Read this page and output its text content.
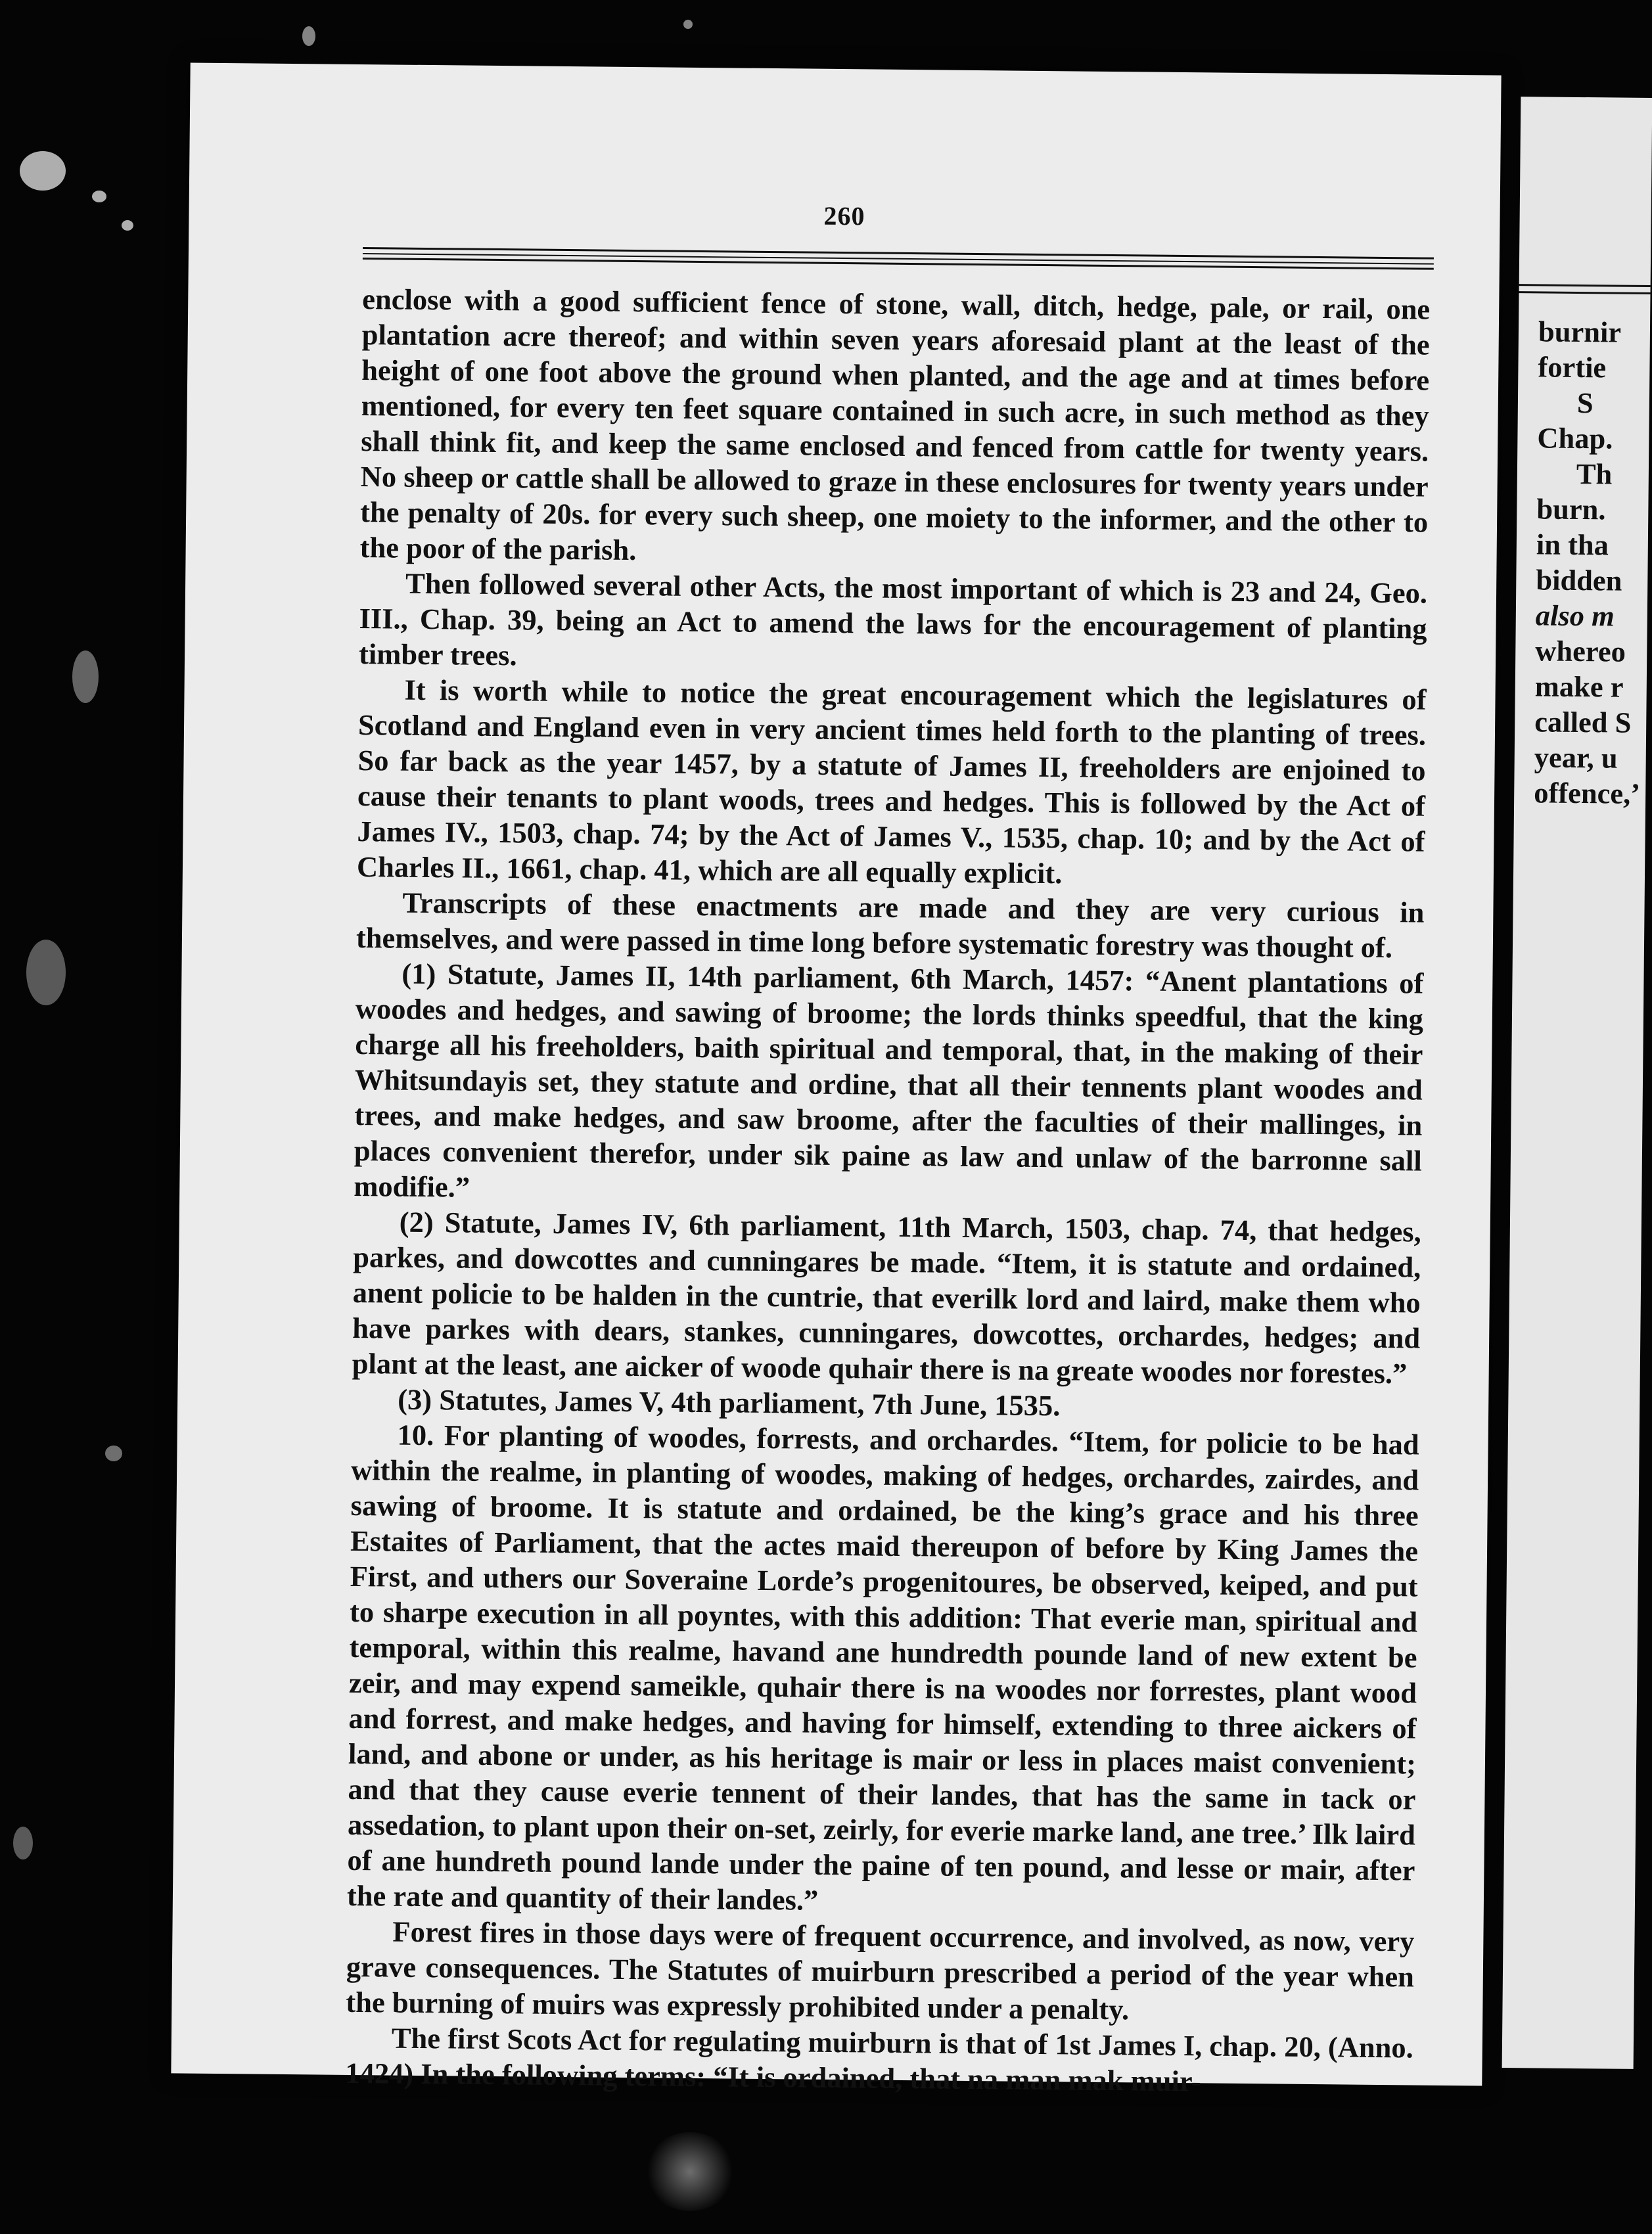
260

enclose with a good sufficient fence of stone, wall, ditch, hedge, pale, or rail, one plantation acre thereof; and within seven years aforesaid plant at the least of the height of one foot above the ground when planted, and the age and at times before mentioned, for every ten feet square contained in such acre, in such method as they shall think fit, and keep the same enclosed and fenced from cattle for twenty years. No sheep or cattle shall be allowed to graze in these enclosures for twenty years under the penalty of 20s. for every such sheep, one moiety to the informer, and the other to the poor of the parish.

Then followed several other Acts, the most important of which is 23 and 24, Geo. III., Chap. 39, being an Act to amend the laws for the encouragement of planting timber trees.

It is worth while to notice the great encouragement which the legislatures of Scotland and England even in very ancient times held forth to the planting of trees. So far back as the year 1457, by a statute of James II, freeholders are enjoined to cause their tenants to plant woods, trees and hedges. This is followed by the Act of James IV., 1503, chap. 74; by the Act of James V., 1535, chap. 10; and by the Act of Charles II., 1661, chap. 41, which are all equally explicit.

Transcripts of these enactments are made and they are very curious in themselves, and were passed in time long before systematic forestry was thought of.

(1) Statute, James II, 14th parliament, 6th March, 1457: “Anent plantations of woodes and hedges, and sawing of broome; the lords thinks speedful, that the king charge all his freeholders, baith spiritual and temporal, that, in the making of their Whitsundayis set, they statute and ordine, that all their tennents plant woodes and trees, and make hedges, and saw broome, after the faculties of their mallinges, in places convenient therefor, under sik paine as law and unlaw of the barronne sall modifie.”

(2) Statute, James IV, 6th parliament, 11th March, 1503, chap. 74, that hedges, parkes, and dowcottes and cunningares be made. “Item, it is statute and ordained, anent policie to be halden in the cuntrie, that everilk lord and laird, make them who have parkes with dears, stankes, cunningares, dowcottes, orchardes, hedges; and plant at the least, ane aicker of woode quhair there is na greate woodes nor forestes.”

(3) Statutes, James V, 4th parliament, 7th June, 1535.

10. For planting of woodes, forrests, and orchardes. “Item, for policie to be had within the realme, in planting of woodes, making of hedges, orchardes, zairdes, and sawing of broome. It is statute and ordained, be the king’s grace and his three Estaites of Parliament, that the actes maid thereupon of before by King James the First, and uthers our Soveraine Lorde’s progenitoures, be observed, keiped, and put to sharpe execution in all poyntes, with this addition: That everie man, spiritual and temporal, within this realme, havand ane hundredth pounde land of new extent be zeir, and may expend sameikle, quhair there is na woodes nor forrestes, plant wood and forrest, and make hedges, and having for himself, extending to three aickers of land, and abone or under, as his heritage is mair or less in places maist convenient; and that they cause everie tennent of their landes, that has the same in tack or assedation, to plant upon their on-set, zeirly, for everie marke land, ane tree.’ Ilk laird of ane hundreth pound lande under the paine of ten pound, and lesse or mair, after the rate and quantity of their landes.”

Forest fires in those days were of frequent occurrence, and involved, as now, very grave consequences. The Statutes of muirburn prescribed a period of the year when the burning of muirs was expressly prohibited under a penalty.

The first Scots Act for regulating muirburn is that of 1st James I, chap. 20, (Anno. 1424) In the following terms: “It is ordained, that na man mak muir-

burnir
fortie
S
Chap.
Th
burn.
in tha
bidden
also m
whereo
make r
called S
year, u
offence,’
